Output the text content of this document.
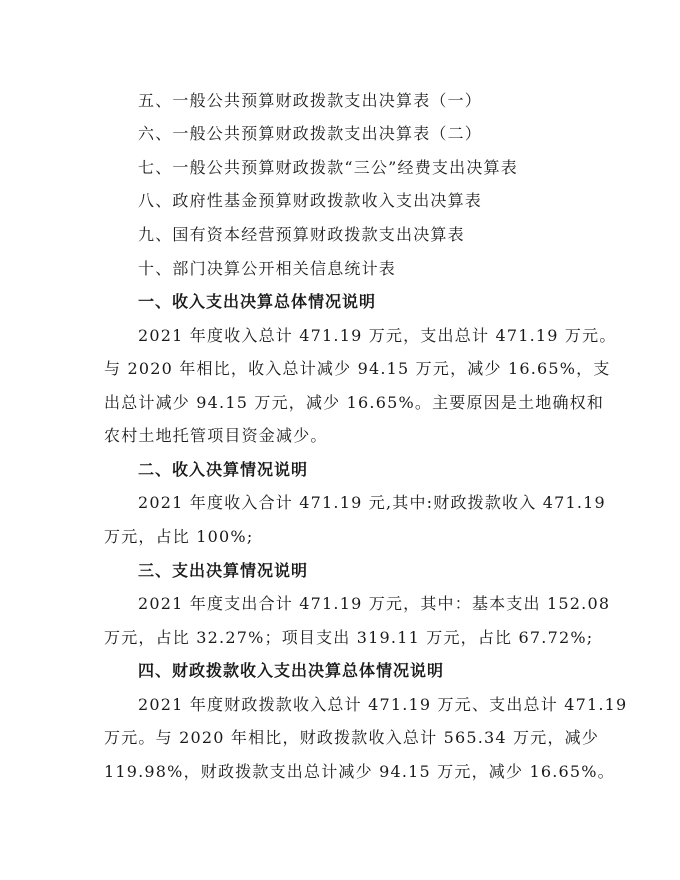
五、一般公共预算财政拨款支出决算表（一）
六、一般公共预算财政拨款支出决算表（二）
七、一般公共预算财政拨款“三公”经费支出决算表
八、政府性基金预算财政拨款收入支出决算表
九、国有资本经营预算财政拨款支出决算表
十、部门决算公开相关信息统计表
一、收入支出决算总体情况说明
2021 年度收入总计 471.19 万元，支出总计 471.19 万元。
与 2020 年相比，收入总计减少 94.15 万元，减少 16.65%，支
出总计减少 94.15 万元，减少 16.65%。主要原因是土地确权和
农村土地托管项目资金减少。
二、收入决算情况说明
2021 年度收入合计 471.19 元,其中:财政拨款收入 471.19
万元，占比 100%;
三、支出决算情况说明
2021 年度支出合计 471.19 万元，其中：基本支出 152.08
万元，占比 32.27%；项目支出 319.11 万元，占比 67.72%;
四、财政拨款收入支出决算总体情况说明
2021 年度财政拨款收入总计 471.19 万元、支出总计 471.19
万元。与 2020 年相比，财政拨款收入总计 565.34 万元，减少
119.98%，财政拨款支出总计减少 94.15 万元，减少 16.65%。
